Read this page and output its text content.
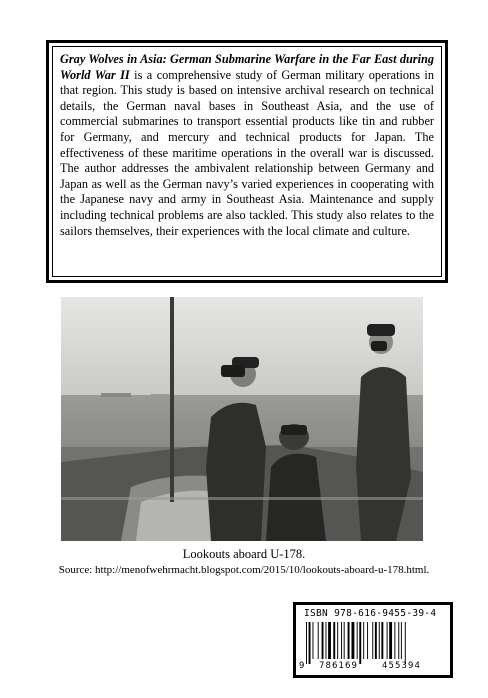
Gray Wolves in Asia: German Submarine Warfare in the Far East during World War II is a comprehensive study of German military operations in that region. This study is based on intensive archival research on technical details, the German naval bases in Southeast Asia, and the use of commercial submarines to transport essential products like tin and rubber for Germany, and mercury and technical products for Japan. The effectiveness of these maritime operations in the overall war is discussed. The author addresses the ambivalent relationship between Germany and Japan as well as the German navy’s varied experiences in cooperating with the Japanese navy and army in Southeast Asia. Maintenance and supply including technical problems are also tackled. This study also relates to the sailors themselves, their experiences with the local climate and culture.

Lookouts aboard U-178.
Source: http://menofwehrmacht.blogspot.com/2015/10/lookouts-aboard-u-178.html.
ISBN 978-616-9455-39-4
9 786169	455394
